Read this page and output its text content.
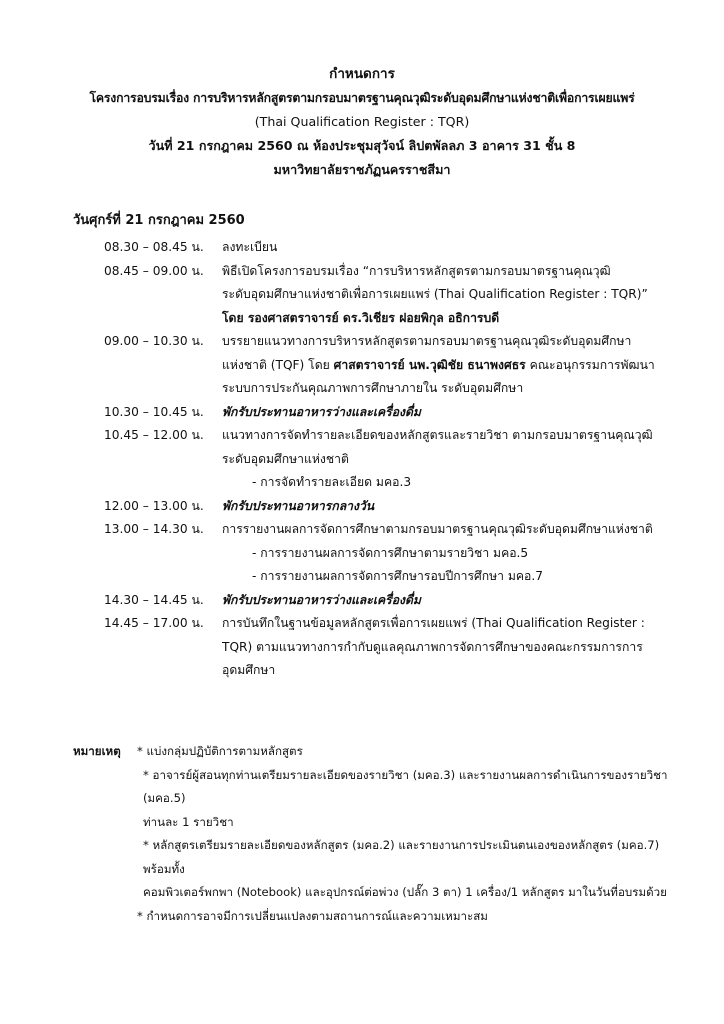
กำหนดการ
โครงการอบรมเรื่อง การบริหารหลักสูตรตามกรอบมาตรฐานคุณวุฒิระดับอุดมศึกษาแห่งชาติเพื่อการเผยแพร่
(Thai Qualification Register : TQR)
วันที่ 21 กรกฎาคม 2560 ณ ห้องประชุมสุวัจน์ ลิปตพัลลภ 3 อาคาร 31 ชั้น 8
มหาวิทยาลัยราชภัฏนครราชสีมา
วันศุกร์ที่ 21 กรกฎาคม 2560
08.30 – 08.45 น.	ลงทะเบียน
08.45 – 09.00 น.	พิธีเปิดโครงการอบรมเรื่อง “การบริหารหลักสูตรตามกรอบมาตรฐานคุณวุฒิ
ระดับอุดมศึกษาแห่งชาติเพื่อการเผยแพร่ (Thai Qualification Register : TQR)”
โดย รองศาสตราจารย์ ดร.วิเชียร ฝอยพิกุล อธิการบดี
09.00 – 10.30 น.	บรรยายแนวทางการบริหารหลักสูตรตามกรอบมาตรฐานคุณวุฒิระดับอุดมศึกษา
แห่งชาติ (TQF) โดย ศาสตราจารย์ นพ.วุฒิชัย ธนาพงศธร คณะอนุกรรมการพัฒนา
ระบบการประกันคุณภาพการศึกษาภายใน ระดับอุดมศึกษา
10.30 – 10.45 น.	พักรับประทานอาหารว่างและเครื่องดื่ม
10.45 – 12.00 น.	แนวทางการจัดทำรายละเอียดของหลักสูตรและรายวิชา ตามกรอบมาตรฐานคุณวุฒิ
ระดับอุดมศึกษาแห่งชาติ
- การจัดทำรายละเอียด มคอ.3
12.00 – 13.00 น.	พักรับประทานอาหารกลางวัน
13.00 – 14.30 น.	การรายงานผลการจัดการศึกษาตามกรอบมาตรฐานคุณวุฒิระดับอุดมศึกษาแห่งชาติ
- การรายงานผลการจัดการศึกษาตามรายวิชา มคอ.5
- การรายงานผลการจัดการศึกษารอบปีการศึกษา มคอ.7
14.30 – 14.45 น.	พักรับประทานอาหารว่างและเครื่องดื่ม
14.45 – 17.00 น.	การบันทึกในฐานข้อมูลหลักสูตรเพื่อการเผยแพร่ (Thai Qualification Register :
TQR) ตามแนวทางการกำกับดูแลคุณภาพการจัดการศึกษาของคณะกรรมการการ
อุดมศึกษา
หมายเหตุ	* แบ่งกลุ่มปฏิบัติการตามหลักสูตร
* อาจารย์ผู้สอนทุกท่านเตรียมรายละเอียดของรายวิชา (มคอ.3) และรายงานผลการดำเนินการของรายวิชา (มคอ.5)
ท่านละ 1 รายวิชา
* หลักสูตรเตรียมรายละเอียดของหลักสูตร (มคอ.2) และรายงานการประเมินตนเองของหลักสูตร (มคอ.7) พร้อมทั้ง
คอมพิวเตอร์พกพา (Notebook) และอุปกรณ์ต่อพ่วง (ปลั๊ก 3 ตา) 1 เครื่อง/1 หลักสูตร มาในวันที่อบรมด้วย
* กำหนดการอาจมีการเปลี่ยนแปลงตามสถานการณ์และความเหมาะสม
